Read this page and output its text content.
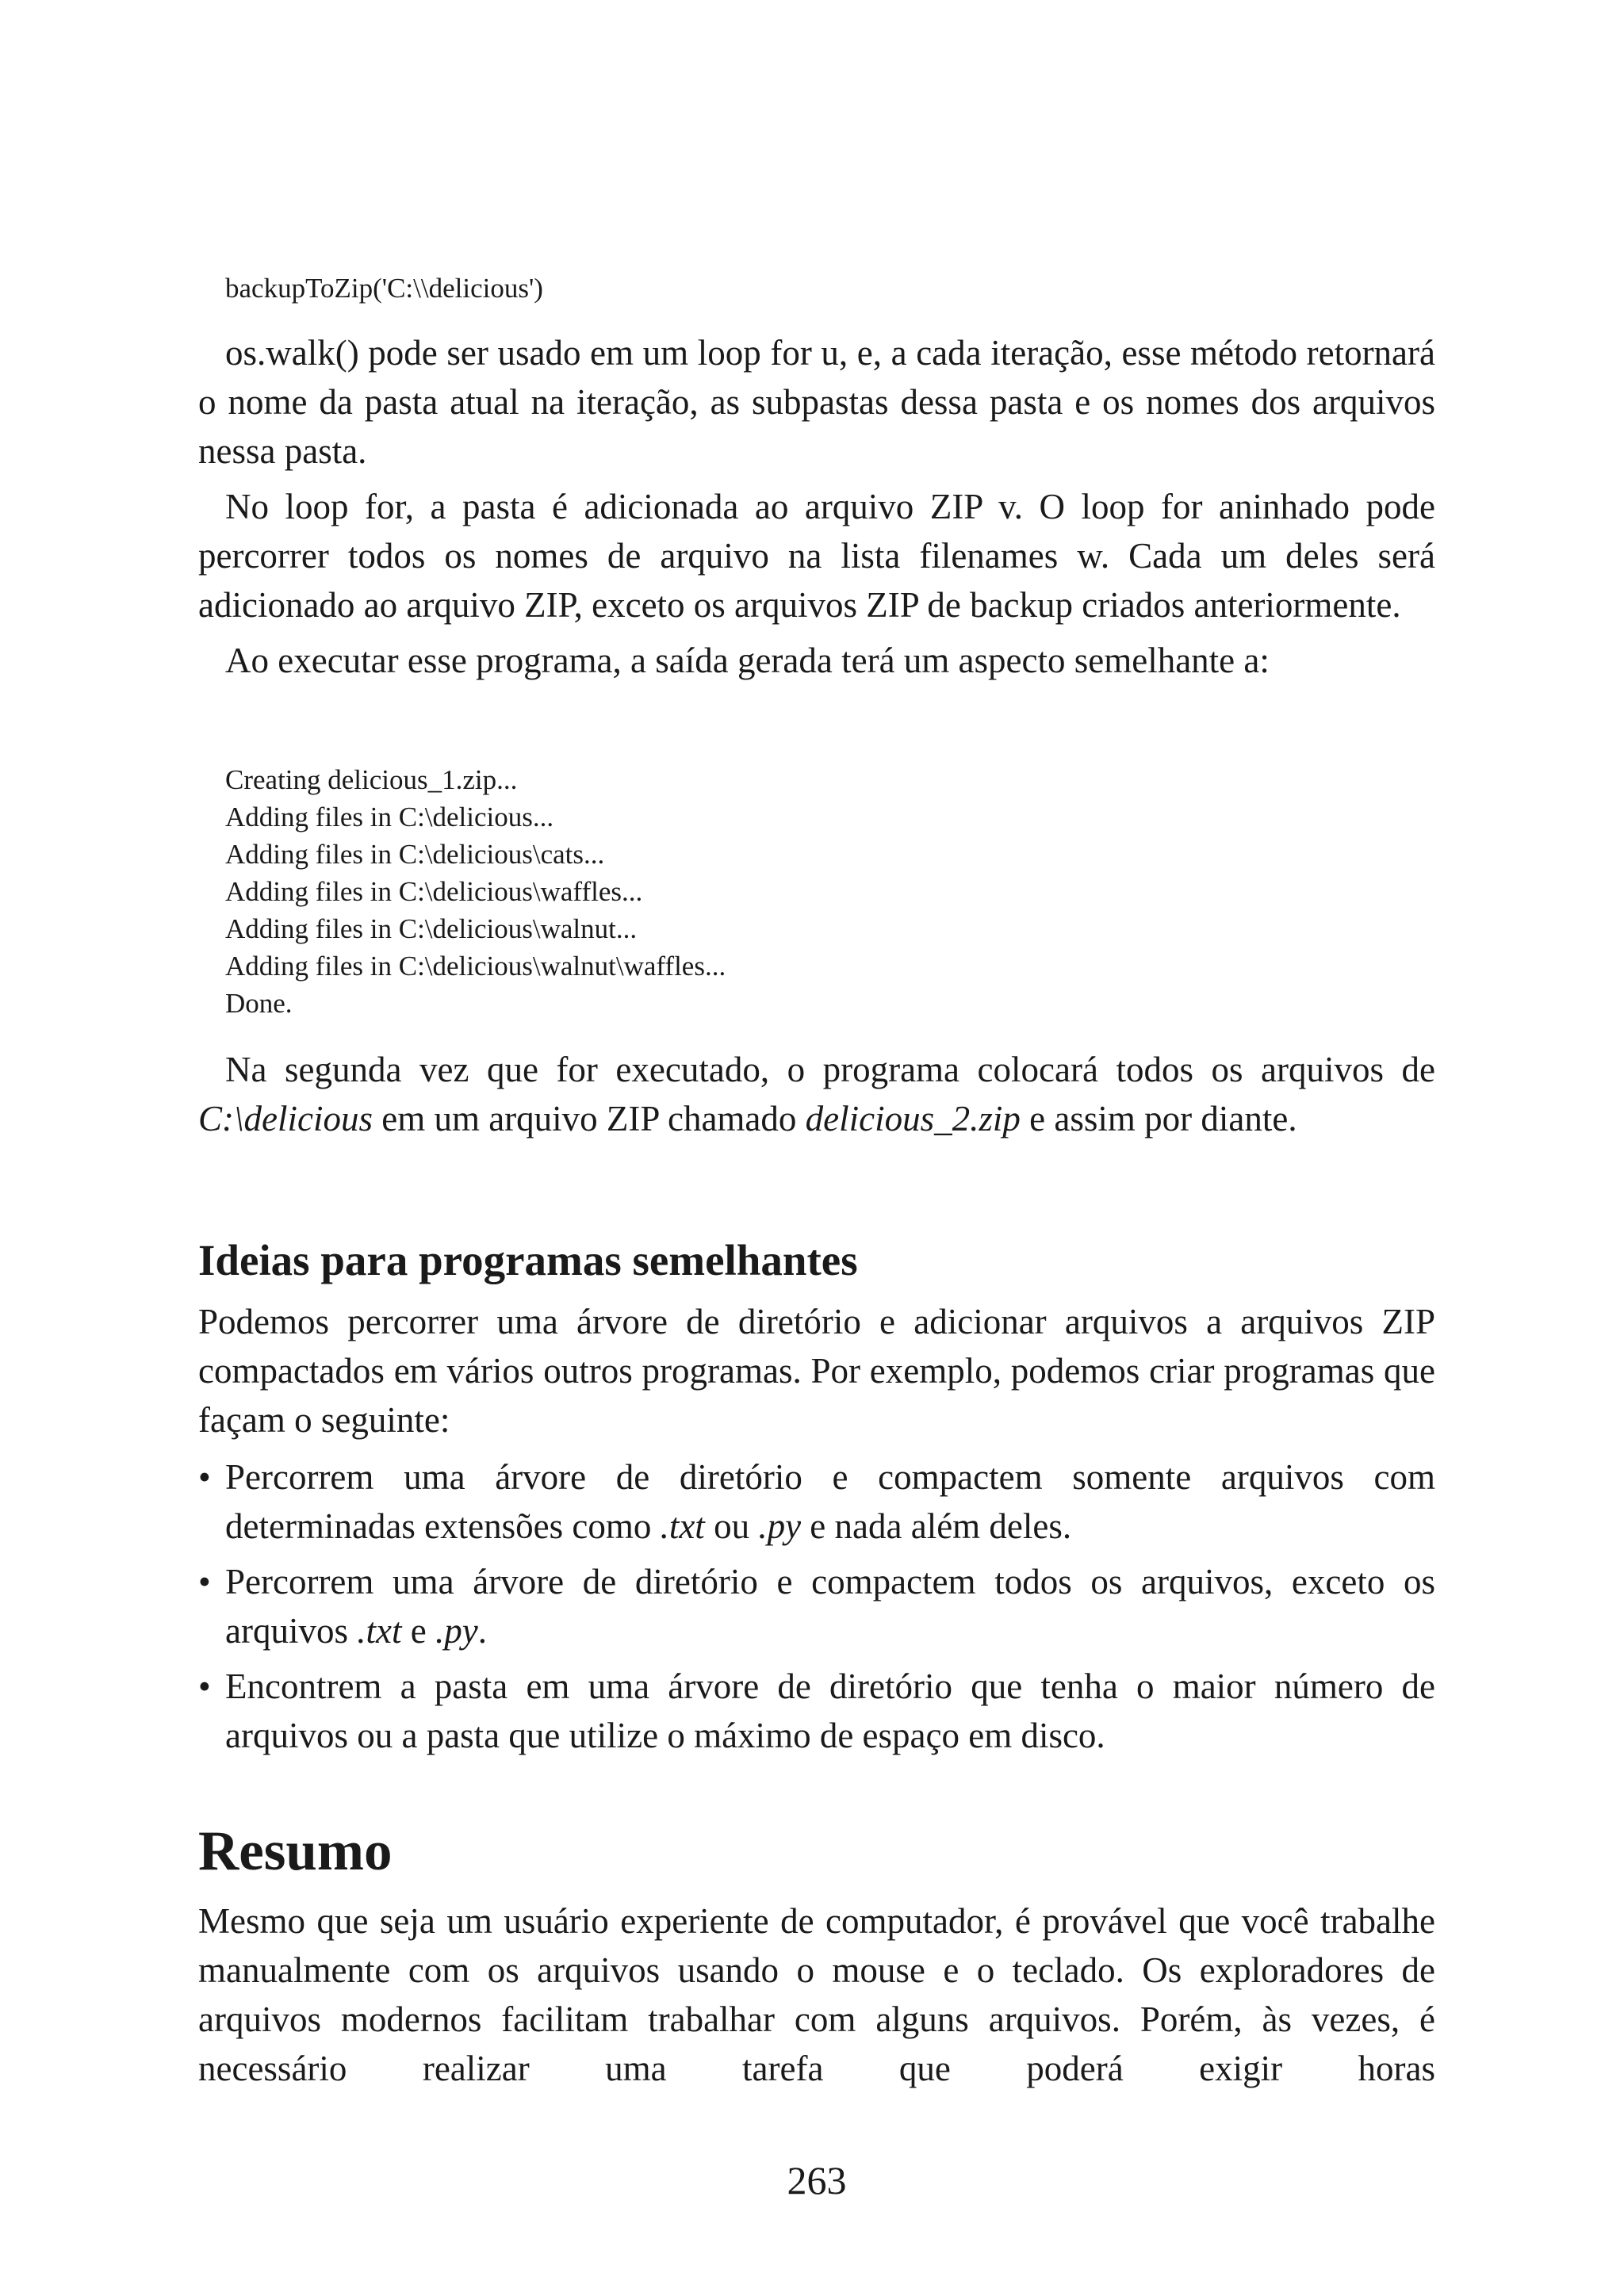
backupToZip('C:\\delicious')

os.walk() pode ser usado em um loop for u, e, a cada iteração, esse método retornará o nome da pasta atual na iteração, as subpastas dessa pasta e os nomes dos arquivos nessa pasta.

No loop for, a pasta é adicionada ao arquivo ZIP v. O loop for aninhado pode percorrer todos os nomes de arquivo na lista filenames w. Cada um deles será adicionado ao arquivo ZIP, exceto os arquivos ZIP de backup criados anteriormente.

Ao executar esse programa, a saída gerada terá um aspecto semelhante a:

Creating delicious_1.zip...

Adding files in C:\delicious...

Adding files in C:\delicious\cats...

Adding files in C:\delicious\waffles...

Adding files in C:\delicious\walnut...

Adding files in C:\delicious\walnut\waffles...

Done.

Na segunda vez que for executado, o programa colocará todos os arquivos de C:\delicious em um arquivo ZIP chamado delicious_2.zip e assim por diante.

Ideias para programas semelhantes

Podemos percorrer uma árvore de diretório e adicionar arquivos a arquivos ZIP compactados em vários outros programas. Por exemplo, podemos criar programas que façam o seguinte:

• Percorrem uma árvore de diretório e compactem somente arquivos com determinadas extensões como .txt ou .py e nada além deles.
• Percorrem uma árvore de diretório e compactem todos os arquivos, exceto os arquivos .txt e .py.
• Encontrem a pasta em uma árvore de diretório que tenha o maior número de arquivos ou a pasta que utilize o máximo de espaço em disco.
Resumo

Mesmo que seja um usuário experiente de computador, é provável que você trabalhe manualmente com os arquivos usando o mouse e o teclado. Os exploradores de arquivos modernos facilitam trabalhar com alguns arquivos. Porém, às vezes, é necessário realizar uma tarefa que poderá exigir horas

263
